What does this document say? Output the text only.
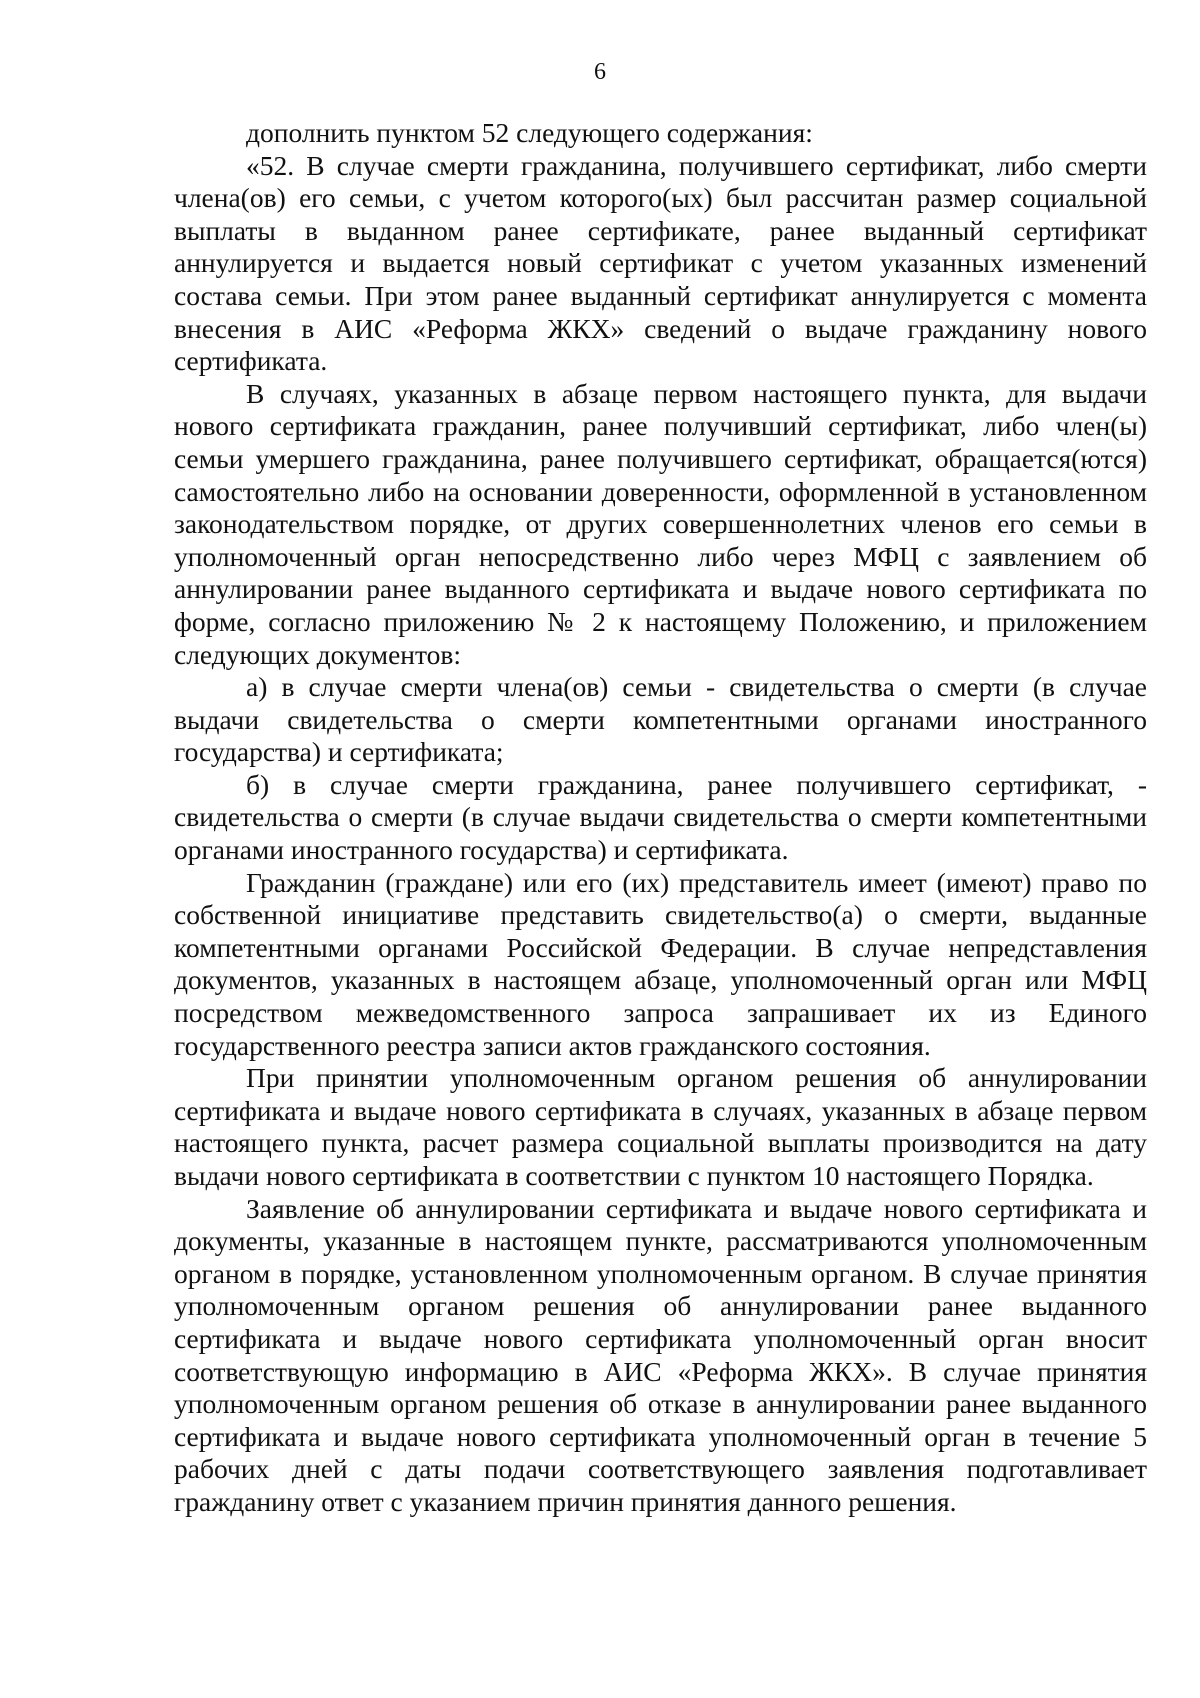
6

дополнить пунктом 52 следующего содержания:

«52. В случае смерти гражданина, получившего сертификат, либо смерти члена(ов) его семьи, с учетом которого(ых) был рассчитан размер социальной выплаты в выданном ранее сертификате, ранее выданный сертификат аннулируется и выдается новый сертификат с учетом указанных изменений состава семьи. При этом ранее выданный сертификат аннулируется с момента внесения в АИС «Реформа ЖКХ» сведений о выдаче гражданину нового сертификата.

В случаях, указанных в абзаце первом настоящего пункта, для выдачи нового сертификата гражданин, ранее получивший сертификат, либо член(ы) семьи умершего гражданина, ранее получившего сертификат, обращается(ются) самостоятельно либо на основании доверенности, оформленной в установленном законодательством порядке, от других совершеннолетних членов его семьи в уполномоченный орган непосредственно либо через МФЦ с заявлением об аннулировании ранее выданного сертификата и выдаче нового сертификата по форме, согласно приложению № 2 к настоящему Положению, и приложением следующих документов:

а) в случае смерти члена(ов) семьи - свидетельства о смерти (в случае выдачи свидетельства о смерти компетентными органами иностранного государства) и сертификата;

б) в случае смерти гражданина, ранее получившего сертификат, - свидетельства о смерти (в случае выдачи свидетельства о смерти компетентными органами иностранного государства) и сертификата.

Гражданин (граждане) или его (их) представитель имеет (имеют) право по собственной инициативе представить свидетельство(а) о смерти, выданные компетентными органами Российской Федерации. В случае непредставления документов, указанных в настоящем абзаце, уполномоченный орган или МФЦ посредством межведомственного запроса запрашивает их из Единого государственного реестра записи актов гражданского состояния.

При принятии уполномоченным органом решения об аннулировании сертификата и выдаче нового сертификата в случаях, указанных в абзаце первом настоящего пункта, расчет размера социальной выплаты производится на дату выдачи нового сертификата в соответствии с пунктом 10 настоящего Порядка.

Заявление об аннулировании сертификата и выдаче нового сертификата и документы, указанные в настоящем пункте, рассматриваются уполномоченным органом в порядке, установленном уполномоченным органом. В случае принятия уполномоченным органом решения об аннулировании ранее выданного сертификата и выдаче нового сертификата уполномоченный орган вносит соответствующую информацию в АИС «Реформа ЖКХ». В случае принятия уполномоченным органом решения об отказе в аннулировании ранее выданного сертификата и выдаче нового сертификата уполномоченный орган в течение 5 рабочих дней с даты подачи соответствующего заявления подготавливает гражданину ответ с указанием причин принятия данного решения.
